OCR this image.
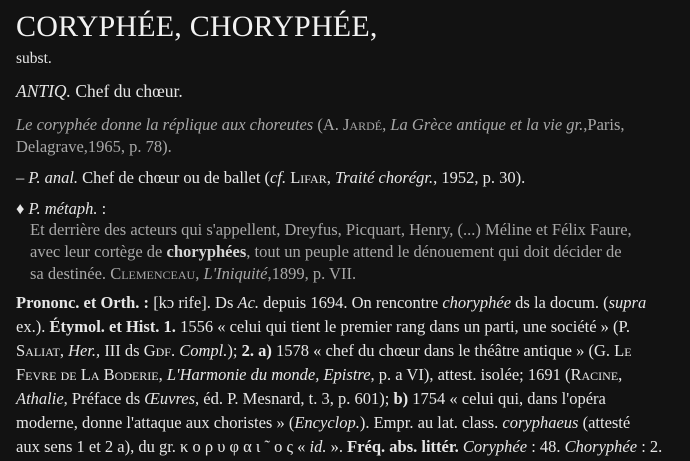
CORYPHÉE, CHORYPHÉE,
subst.
ANTIQ. Chef du chœur.
Le coryphée donne la réplique aux choreutes (A. Jardé, La Grèce antique et la vie gr.,Paris,
Delagrave,1965, p. 78).
– P. anal. Chef de chœur ou de ballet (cf. Lifar, Traité chorégr., 1952, p. 30).
♦ P. métaph. :
Et derrière des acteurs qui s'appellent, Dreyfus, Picquart, Henry, (...) Méline et Félix Faure,
avec leur cortège de choryphées, tout un peuple attend le dénouement qui doit décider de
sa destinée. Clemenceau, L'Iniquité,1899, p. VII.
Prononc. et Orth. : [kɔ rife]. Ds Ac. depuis 1694. On rencontre choryphée ds la docum. (supra
ex.). Étymol. et Hist. 1. 1556 « celui qui tient le premier rang dans un parti, une société » (P.
Saliat, Her., III ds Gdf. Compl.); 2. a) 1578 « chef du chœur dans le théâtre antique » (G. Le
Fevre de La Boderie, L'Harmonie du monde, Epistre, p. a VI), attest. isolée; 1691 (Racine,
Athalie, Préface ds Œuvres, éd. P. Mesnard, t. 3, p. 601); b) 1754 « celui qui, dans l'opéra
moderne, donne l'attaque aux choristes » (Encyclop.). Empr. au lat. class. coryphaeus (attesté
aux sens 1 et 2 a), du gr. κ ο ρ υ φ α ι ˜ ο ς « id. ». Fréq. abs. littér. Coryphée : 48. Choryphée : 2.
